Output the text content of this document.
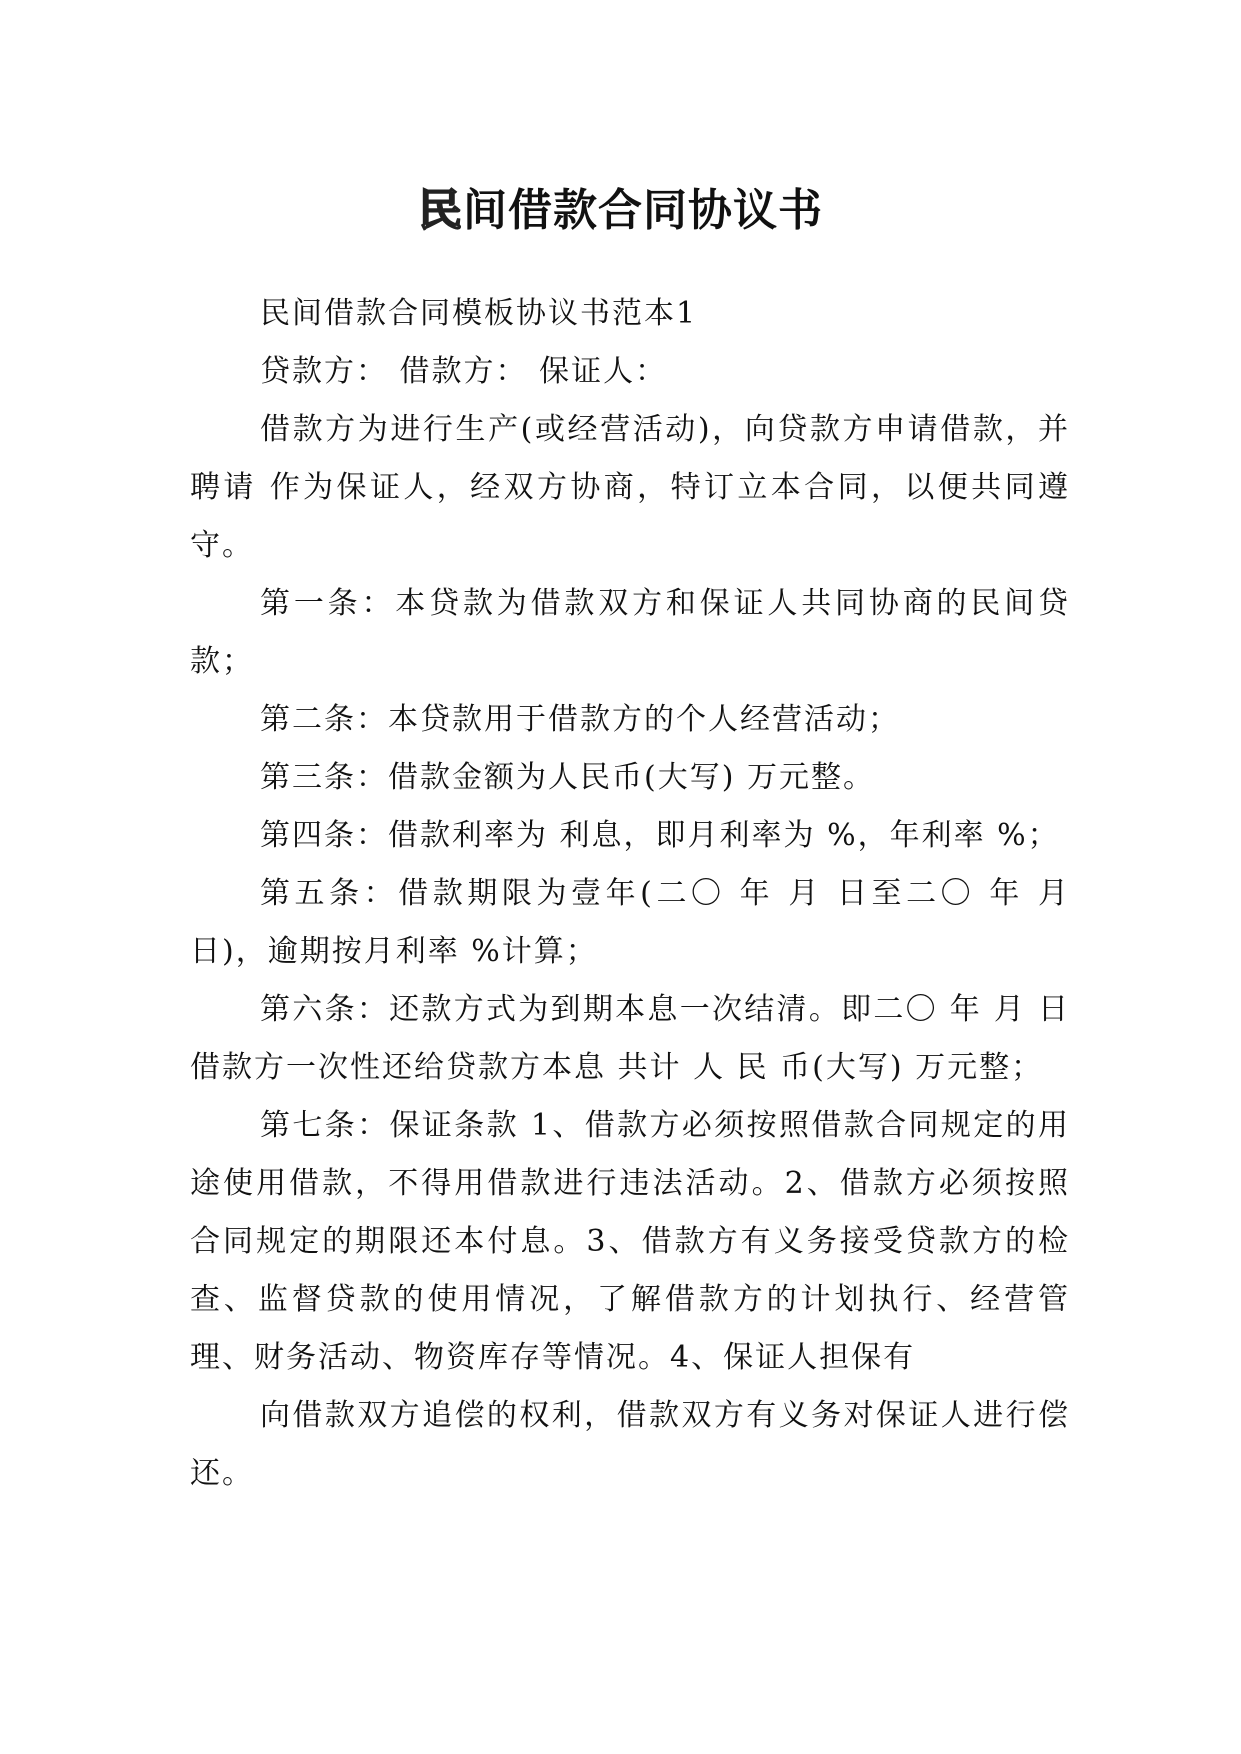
民间借款合同协议书

民间借款合同模板协议书范本1

贷款方： 借款方： 保证人：

借款方为进行生产(或经营活动)，向贷款方申请借款，并聘请 作为保证人，经双方协商，特订立本合同，以便共同遵守。

第一条：本贷款为借款双方和保证人共同协商的民间贷款；

第二条：本贷款用于借款方的个人经营活动；

第三条：借款金额为人民币(大写) 万元整。

第四条：借款利率为 利息，即月利率为 %，年利率 %；

第五条：借款期限为壹年(二〇 年 月 日至二〇 年 月 日)，逾期按月利率 %计算；

第六条：还款方式为到期本息一次结清。即二〇 年 月 日借款方一次性还给贷款方本息 共计 人 民 币(大写) 万元整；

第七条：保证条款 1、借款方必须按照借款合同规定的用途使用借款，不得用借款进行违法活动。2、借款方必须按照合同规定的期限还本付息。3、借款方有义务接受贷款方的检查、监督贷款的使用情况，了解借款方的计划执行、经营管理、财务活动、物资库存等情况。4、保证人担保有

向借款双方追偿的权利，借款双方有义务对保证人进行偿还。
